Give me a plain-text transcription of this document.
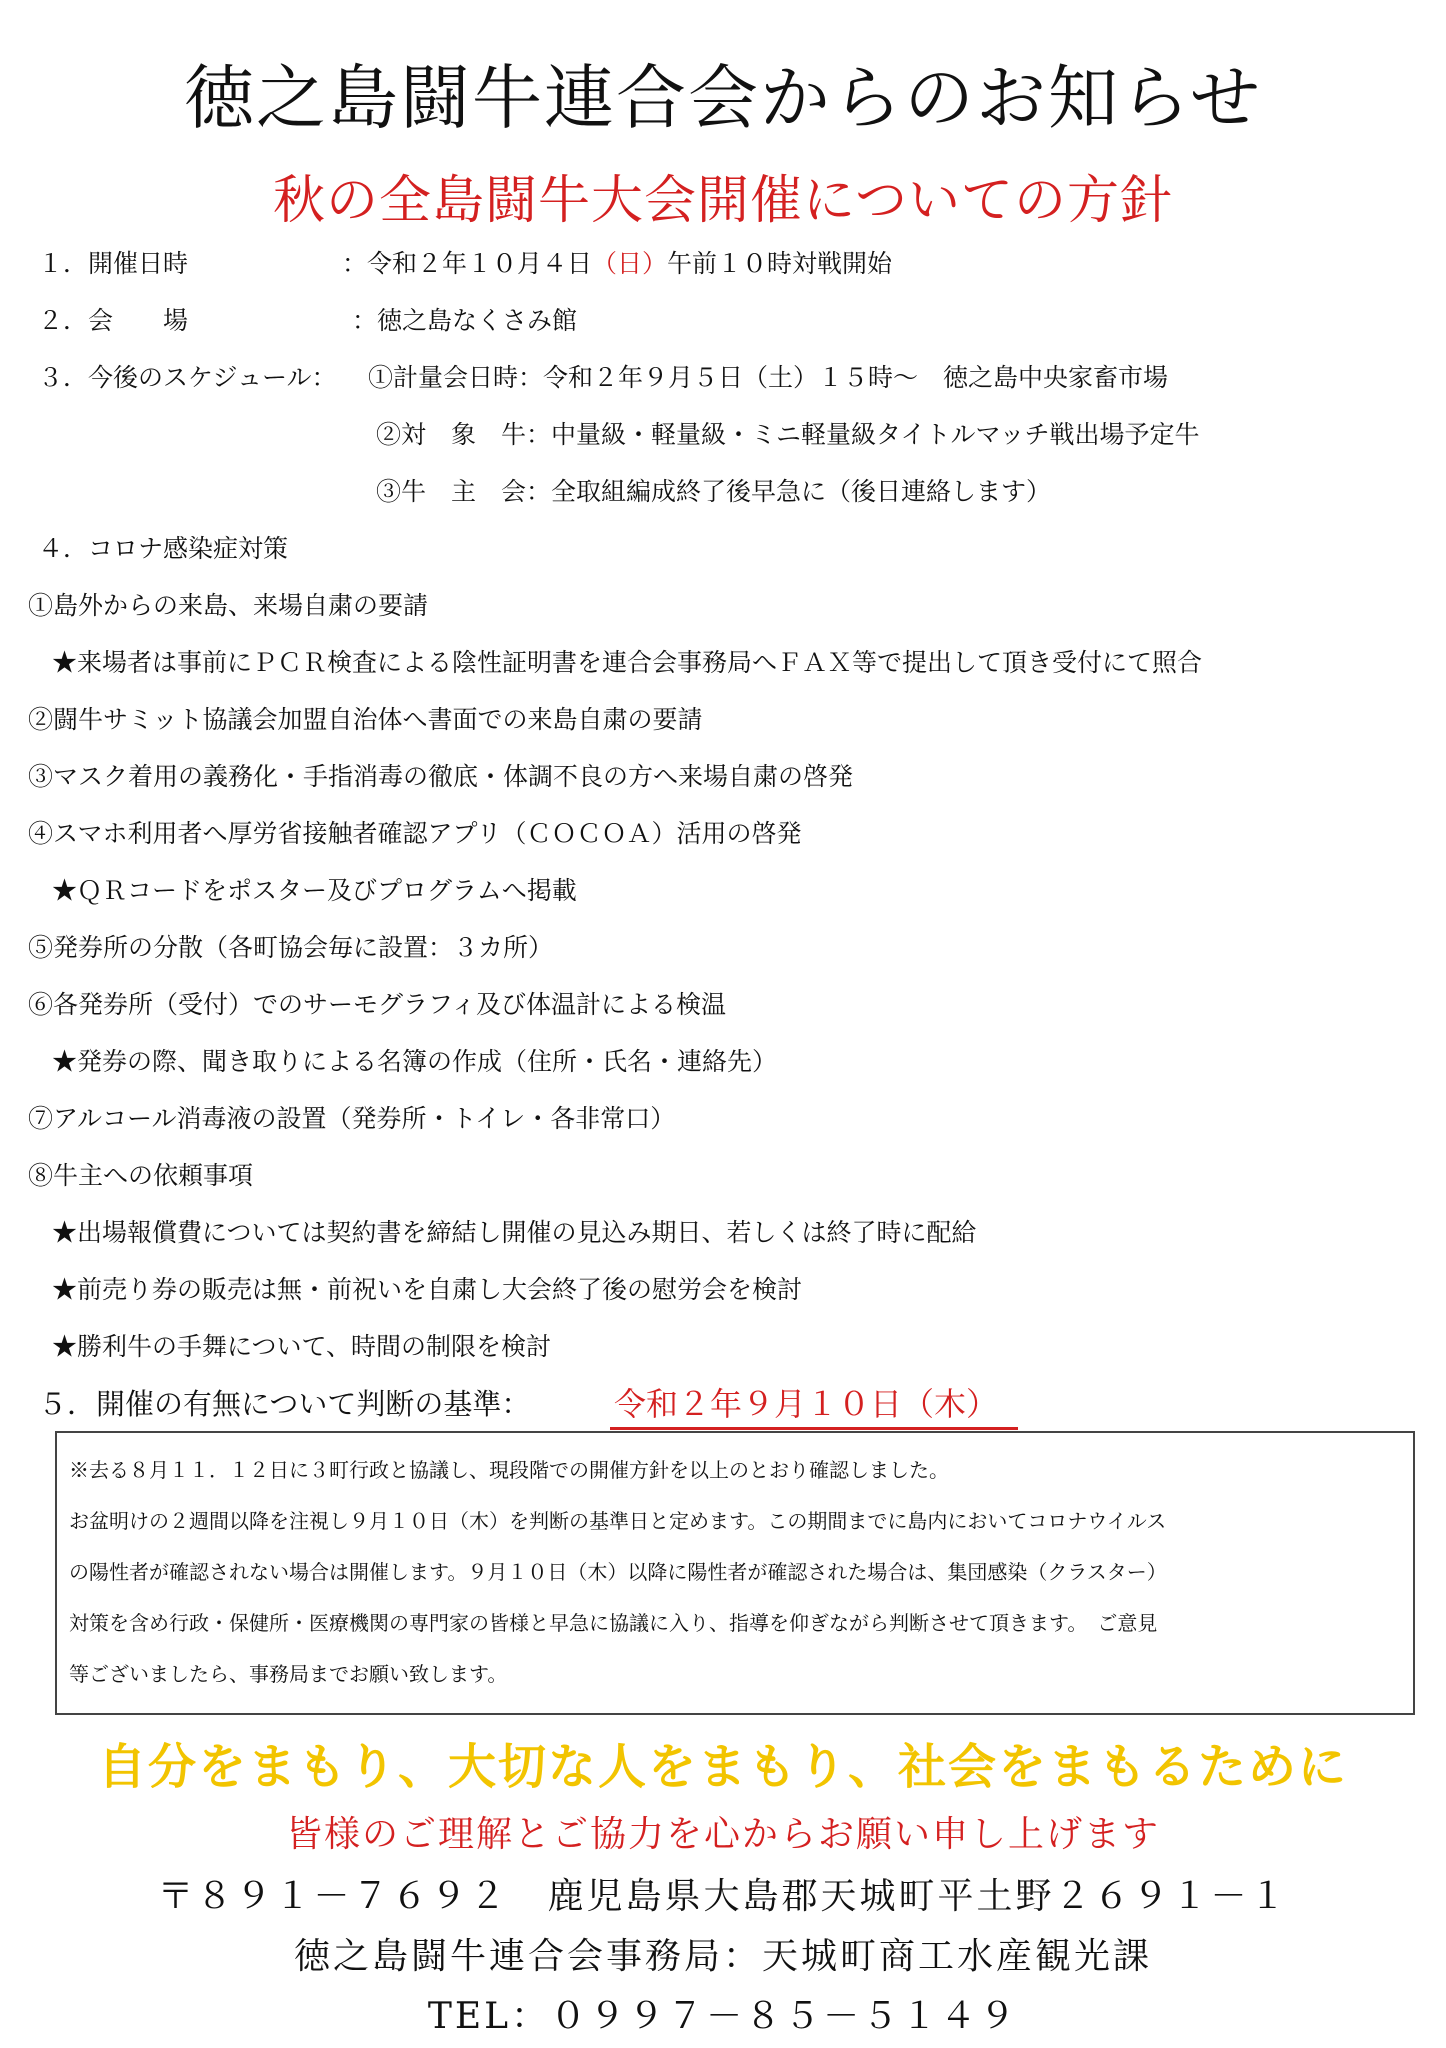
徳之島闘牛連合会からのお知らせ
秋の全島闘牛大会開催についての方針
１．開催日時	：令和２年１０月４日（日）午前１０時対戦開始
２．会　　場	：徳之島なくさみ館
３．今後のスケジュール： ①計量会日時：令和２年９月５日（土）１５時～　徳之島中央家畜市場
②対　象　牛：中量級・軽量級・ミニ軽量級タイトルマッチ戦出場予定牛
③牛　主　会：全取組編成終了後早急に（後日連絡します）
４．コロナ感染症対策
①島外からの来島、来場自粛の要請
★来場者は事前にＰＣＲ検査による陰性証明書を連合会事務局へＦＡＸ等で提出して頂き受付にて照合
②闘牛サミット協議会加盟自治体へ書面での来島自粛の要請
③マスク着用の義務化・手指消毒の徹底・体調不良の方へ来場自粛の啓発
④スマホ利用者へ厚労省接触者確認アプリ（ＣＯＣＯＡ）活用の啓発
★ＱＲコードをポスター及びプログラムへ掲載
⑤発券所の分散（各町協会毎に設置：３カ所）
⑥各発券所（受付）でのサーモグラフィ及び体温計による検温
★発券の際、聞き取りによる名簿の作成（住所・氏名・連絡先）
⑦アルコール消毒液の設置（発券所・トイレ・各非常口）
⑧牛主への依頼事項
★出場報償費については契約書を締結し開催の見込み期日、若しくは終了時に配給
★前売り券の販売は無・前祝いを自粛し大会終了後の慰労会を検討
★勝利牛の手舞について、時間の制限を検討
５．開催の有無について判断の基準：	令和２年９月１０日（木）

※去る８月１１．１２日に３町行政と協議し、現段階での開催方針を以上のとおり確認しました。

お盆明けの２週間以降を注視し９月１０日（木）を判断の基準日と定めます。この期間までに島内においてコロナウイルス

の陽性者が確認されない場合は開催します。９月１０日（木）以降に陽性者が確認された場合は、集団感染（クラスター）

対策を含め行政・保健所・医療機関の専門家の皆様と早急に協議に入り、指導を仰ぎながら判断させて頂きます。　ご意見

等ございましたら、事務局までお願い致します。

自分をまもり、大切な人をまもり、社会をまもるために
皆様のご理解とご協力を心からお願い申し上げます
〒８９１－７６９２　鹿児島県大島郡天城町平土野２６９１－１
徳之島闘牛連合会事務局：天城町商工水産観光課
TEL：０９９７－８５－５１４９
